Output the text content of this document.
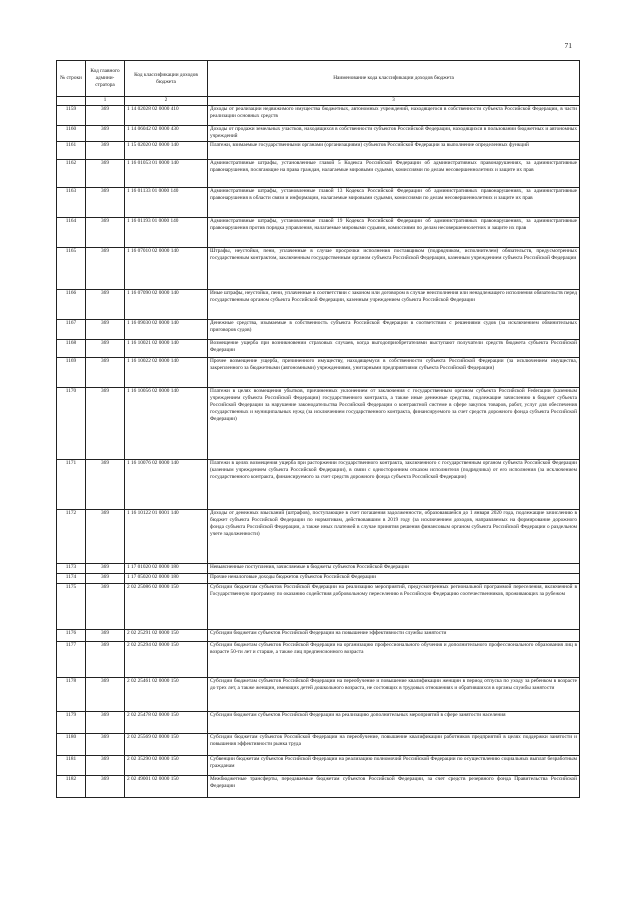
71
№ строки	Код главного админи-стратора	Код классификации доходов бюджета	Наименование кода классификации доходов бюджета
	1	2	3
1159	369	1 14 02028 02 0000 410	Доходы от реализации недвижимого имущества бюджетных, автономных учреждений, находящегося в собственности субъекта Российской Федерации, в части реализации основных средств
1160	369	1 14 06042 02 0000 430	Доходы от продажи земельных участков, находящихся в собственности субъектов Российской Федерации, находящихся в пользовании бюджетных и автономных учреждений
1161	369	1 15 02020 02 0000 140	Платежи, взимаемые государственными органами (организациями) субъектов Российской Федерации за выполнение определенных функций
1162	369	1 16 01053 01 0000 140	Административные штрафы, установленные главой 5 Кодекса Российской Федерации об административных правонарушениях, за административные правонарушения, посягающие на права граждан, налагаемые мировыми судьями, комиссиями по делам несовершеннолетних и защите их прав
1163	369	1 16 01133 01 0000 140	Административные штрафы, установленные главой 13 Кодекса Российской Федерации об административных правонарушениях, за административные правонарушения в области связи и информации, налагаемые мировыми судьями, комиссиями по делам несовершеннолетних и защите их прав
1164	369	1 16 01193 01 0000 140	Административные штрафы, установленные главой 19 Кодекса Российской Федерации об административных правонарушениях, за административные правонарушения против порядка управления, налагаемые мировыми судьями, комиссиями по делам несовершеннолетних и защите их прав
1165	369	1 16 07010 02 0000 140	Штрафы, неустойки, пени, уплаченные в случае просрочки исполнения поставщиком (подрядчиком, исполнителем) обязательств, предусмотренных государственным контрактом, заключенным государственным органом субъекта Российской Федерации, казенным учреждением субъекта Российской Федерации
1166	369	1 16 07090 02 0000 140	Иные штрафы, неустойки, пени, уплаченные в соответствии с законом или договором в случае неисполнения или ненадлежащего исполнения обязательств перед государственным органом субъекта Российской Федерации, казенным учреждением субъекта Российской Федерации
1167	369	1 16 09030 02 0000 140	Денежные средства, изымаемые в собственность субъекта Российской Федерации в соответствии с решениями судов (за исключением обвинительных приговоров судов)
1168	369	1 16 10021 02 0000 140	Возмещение ущерба при возникновении страховых случаев, когда выгодоприобретателями выступают получатели средств бюджета субъекта Российской Федерации
1169	369	1 16 10022 02 0000 140	Прочее возмещение ущерба, причиненного имуществу, находящемуся в собственности субъекта Российской Федерации (за исключением имущества, закрепленного за бюджетными (автономными) учреждениями, унитарными предприятиями субъекта Российской Федерации)
1170	369	1 16 10056 02 0000 140	Платежи в целях возмещения убытков, причиненных уклонением от заключения с государственным органом субъекта Российской Federации (казенным учреждением субъекта Российской Федерации) государственного контракта, а также иные денежные средства, подлежащие зачислению в бюджет субъекта Российской Федерации за нарушение законодательства Российской Федерации о контрактной системе в сфере закупок товаров, работ, услуг для обеспечения государственных и муниципальных нужд (за исключением государственного контракта, финансируемого за счет средств дорожного фонда субъекта Российской Федерации)
1171	369	1 16 10076 02 0000 140	Платежи в целях возмещения ущерба при расторжении государственного контракта, заключенного с государственным органом субъекта Российской Федерации (казенным учреждением субъекта Российской Федерации), в связи с односторонним отказом исполнителя (подрядчика) от его исполнения (за исключением государственного контракта, финансируемого за счет средств дорожного фонда субъекта Российской Федерации)
1172	369	1 16 10122 01 0001 140	Доходы от денежных взысканий (штрафов), поступающие в счет погашения задолженности, образовавшейся до 1 января 2020 года, подлежащие зачислению в бюджет субъекта Российской Федерации по нормативам, действовавшим в 2019 году (за исключением доходов, направляемых на формирование дорожного фонда субъекта Российской Федерации, а также иных платежей в случае принятия решения финансовым органом субъекта Российской Федерации о раздельном учете задолженности)
1173	369	1 17 01020 02 0000 180	Невыясненные поступления, зачисляемые в бюджеты субъектов Российской Федерации
1174	369	1 17 05020 02 0000 180	Прочие неналоговые доходы бюджетов субъектов Российской Федерации
1175	369	2 02 25086 02 0000 150	Субсидии бюджетам субъектов Российской Федерации на реализацию мероприятий, предусмотренных региональной программой переселения, включенной в Государственную программу по оказанию содействия добровольному переселению в Российскую Федерацию соотечественников, проживающих за рубежом
1176	369	2 02 25291 02 0000 150	Субсидии бюджетам субъектов Российской Федерации на повышение эффективности службы занятости
1177	369	2 02 25294 02 0000 150	Субсидии бюджетам субъектов Российской Федерации на организацию профессионального обучения и дополнительного профессионального образования лиц в возрасте 50-ти лет и старше, а также лиц предпенсионного возраста
1178	369	2 02 25461 02 0000 150	Субсидии бюджетам субъектов Российской Федерации на переобучение и повышение квалификации женщин в период отпуска по уходу за ребенком в возрасте до трех лет, а также женщин, имеющих детей дошкольного возраста, не состоящих в трудовых отношениях и обратившихся в органы службы занятости
1179	369	2 02 25478 02 0000 150	Субсидии бюджетам субъектов Российской Федерации на реализацию дополнительных мероприятий в сфере занятости населения
1180	369	2 02 25569 02 0000 150	Субсидии бюджетам субъектов Российской Федерации на переобучение, повышение квалификации работников предприятий в целях поддержки занятости и повышения эффективности рынка труда
1181	369	2 02 35290 02 0000 150	Субвенции бюджетам субъектов Российской Федерации на реализацию полномочий Российской Федерации по осуществлению социальных выплат безработным гражданам
1182	369	2 02 49001 02 0000 150	Межбюджетные трансферты, передаваемые бюджетам субъектов Российской Федерации, за счет средств резервного фонда Правительства Российской Федерации
